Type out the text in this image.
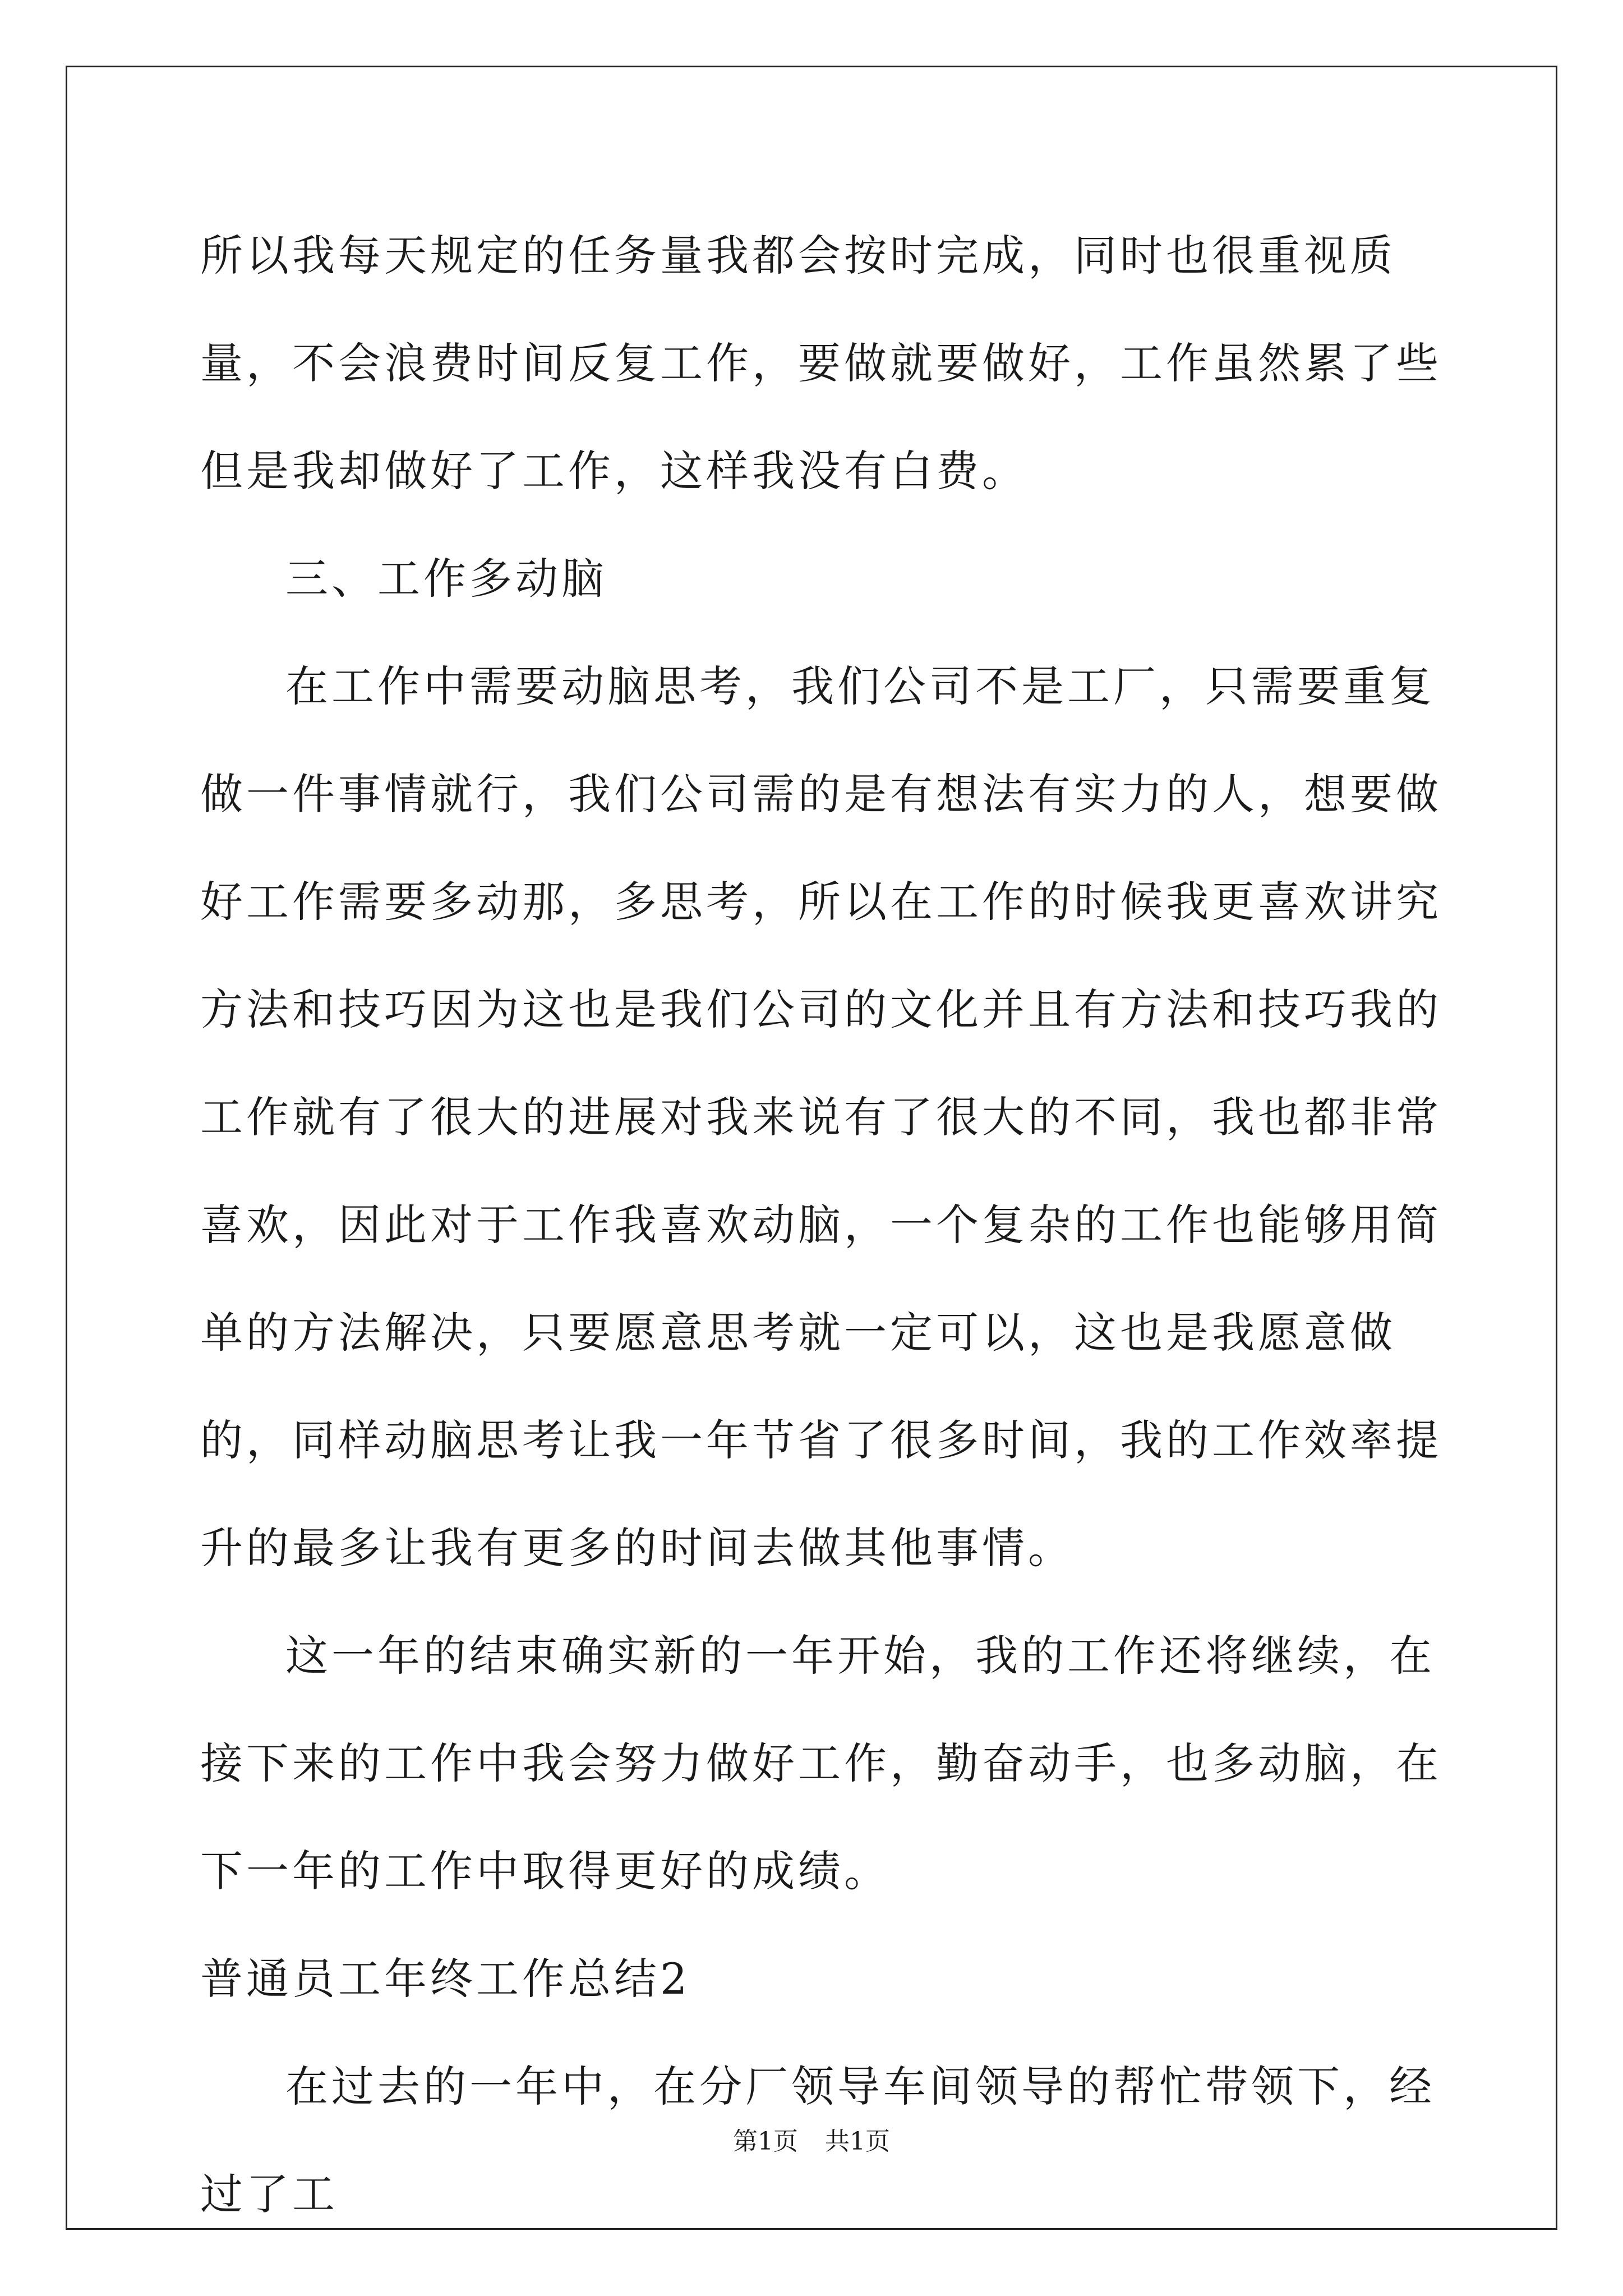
所以我每天规定的任务量我都会按时完成，同时也很重视质量，不会浪费时间反复工作，要做就要做好，工作虽然累了些但是我却做好了工作，这样我没有白费。

三、工作多动脑

在工作中需要动脑思考，我们公司不是工厂，只需要重复做一件事情就行，我们公司需的是有想法有实力的人，想要做好工作需要多动那，多思考，所以在工作的时候我更喜欢讲究方法和技巧因为这也是我们公司的文化并且有方法和技巧我的工作就有了很大的进展对我来说有了很大的不同，我也都非常喜欢，因此对于工作我喜欢动脑，一个复杂的工作也能够用简单的方法解决，只要愿意思考就一定可以，这也是我愿意做的，同样动脑思考让我一年节省了很多时间，我的工作效率提升的最多让我有更多的时间去做其他事情。

这一年的结束确实新的一年开始，我的工作还将继续，在接下来的工作中我会努力做好工作，勤奋动手，也多动脑，在下一年的工作中取得更好的成绩。

普通员工年终工作总结2

在过去的一年中，在分厂领导车间领导的帮忙带领下，经过了工

第1页 共1页
